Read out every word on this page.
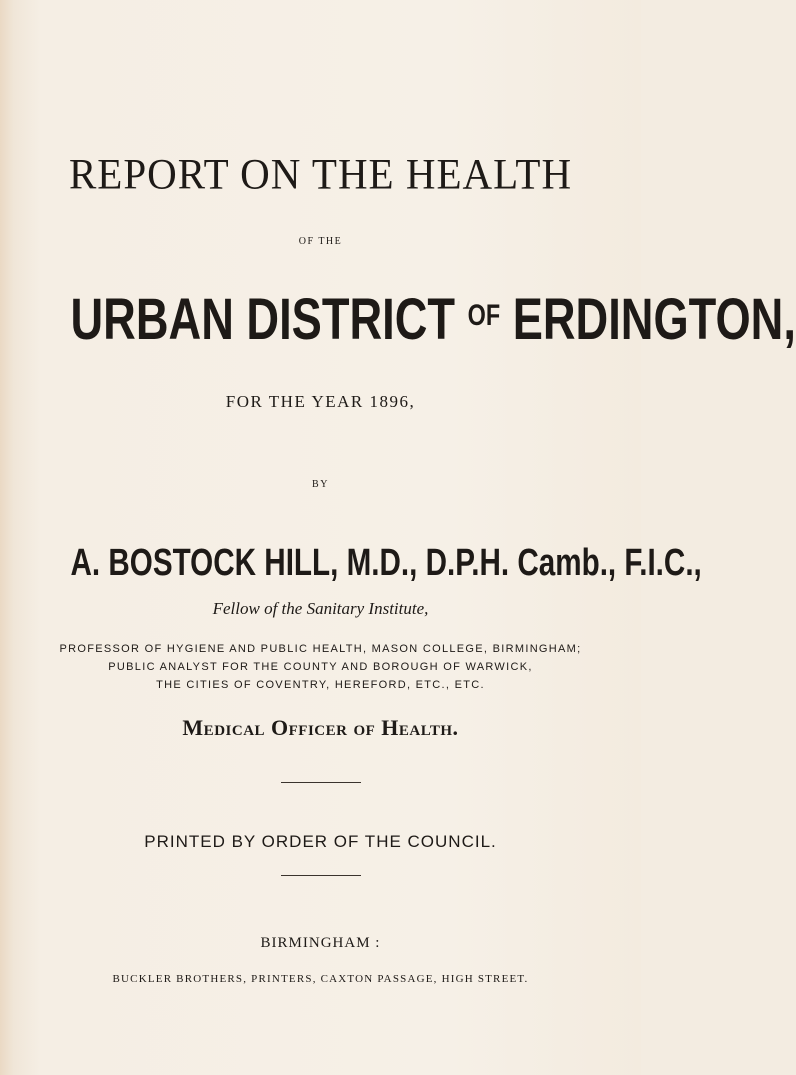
REPORT ON THE HEALTH
OF THE
URBAN DISTRICT $^{OF}$ ERDINGTON,
FOR THE YEAR 1896,
BY
A. BOSTOCK HILL, M.D., D.P.H. Camb., F.I.C.,
Fellow of the Sanitary Institute,
PROFESSOR OF HYGIENE AND PUBLIC HEALTH, MASON COLLEGE, BIRMINGHAM;
PUBLIC ANALYST FOR THE COUNTY AND BOROUGH OF WARWICK,
THE CITIES OF COVENTRY, HEREFORD, ETC., ETC.
Medical Officer of Health.
PRINTED BY ORDER OF THE COUNCIL.
BIRMINGHAM :
BUCKLER BROTHERS, PRINTERS, CAXTON PASSAGE, HIGH STREET.
